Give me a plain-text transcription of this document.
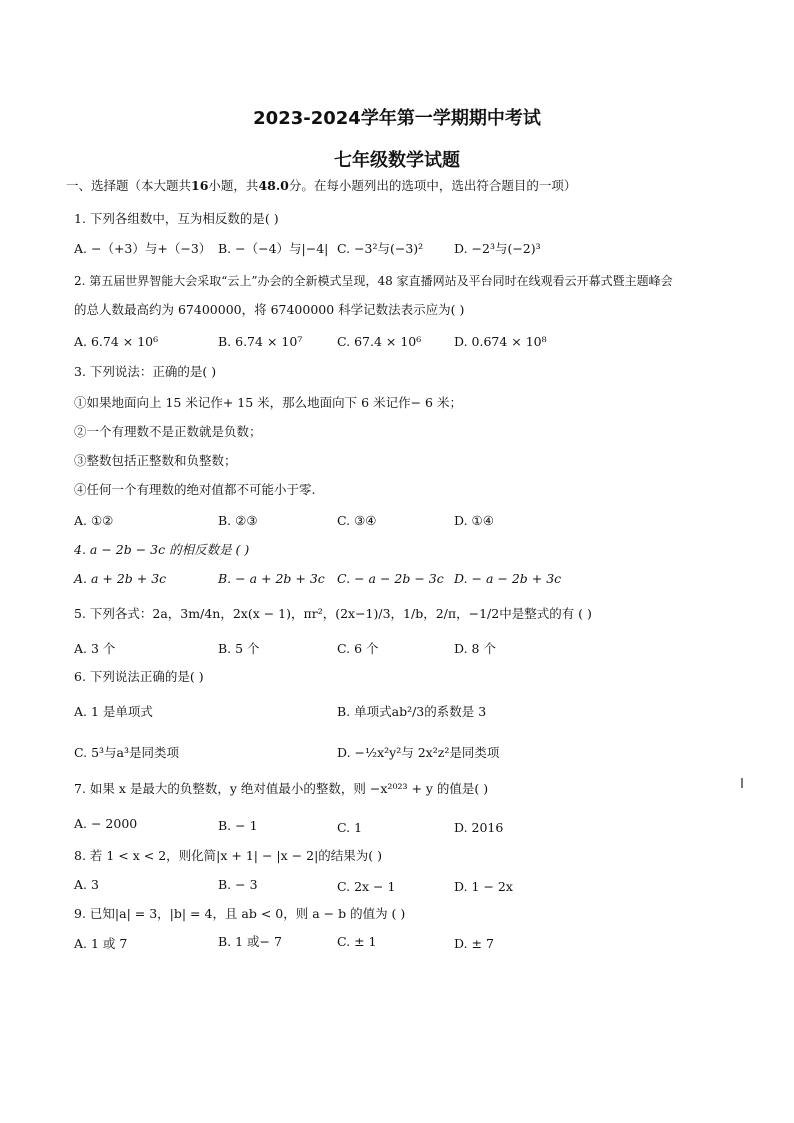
2023-2024学年第一学期期中考试
七年级数学试题
一、选择题（本大题共16小题，共48.0分。在每小题列出的选项中，选出符合题目的一项）
1. 下列各组数中，互为相反数的是( )
A. −（+3）与+（−3） B. −（−4）与|−4| C. −3²与(−3)² D. −2³与(−2)³
2. 第五届世界智能大会采取“云上”办会的全新模式呈现，48 家直播网站及平台同时在线观看云开幕式暨主题峰会
的总人数最高约为 67400000，将 67400000 科学记数法表示应为( )
A. 6.74 × 10⁶	B. 6.74 × 10⁷	C. 67.4 × 10⁶	D. 0.674 × 10⁸
3. 下列说法：正确的是( )
①如果地面向上 15 米记作+ 15 米，那么地面向下 6 米记作− 6 米；
②一个有理数不是正数就是负数；
③整数包括正整数和负整数；
④任何一个有理数的绝对值都不可能小于零.
A. ①②	B. ②③	C. ③④	D. ①④
4. a − 2b − 3c 的相反数是 ( )
A. a + 2b + 3c	B. − a + 2b + 3c C. − a − 2b − 3c D. − a − 2b + 3c
5. 下列各式：2a，3m/4n，2x(x − 1)，πr²，(2x−1)/3，1/b，2/π，−1/2中是整式的有 ( )
A. 3 个	B. 5 个	C. 6 个	D. 8 个
6. 下列说法正确的是( )
A. 1 是单项式	B. 单项式ab²/3的系数是 3
C. 5³与a³是同类项	D. −½x²y²与 2x²z²是同类项
7. 如果 x 是最大的负整数，y 绝对值最小的整数，则 −x²⁰²³ + y 的值是( )
A. − 2000	B. − 1	C. 1	D. 2016
8. 若 1 < x < 2，则化简|x + 1| − |x − 2|的结果为( )
A. 3	B. − 3	C. 2x − 1	D. 1 − 2x
9. 已知|a| = 3，|b| = 4，且 ab < 0，则 a − b 的值为 ( )
A. 1 或 7	B. 1 或− 7	C. ± 1	D. ± 7
